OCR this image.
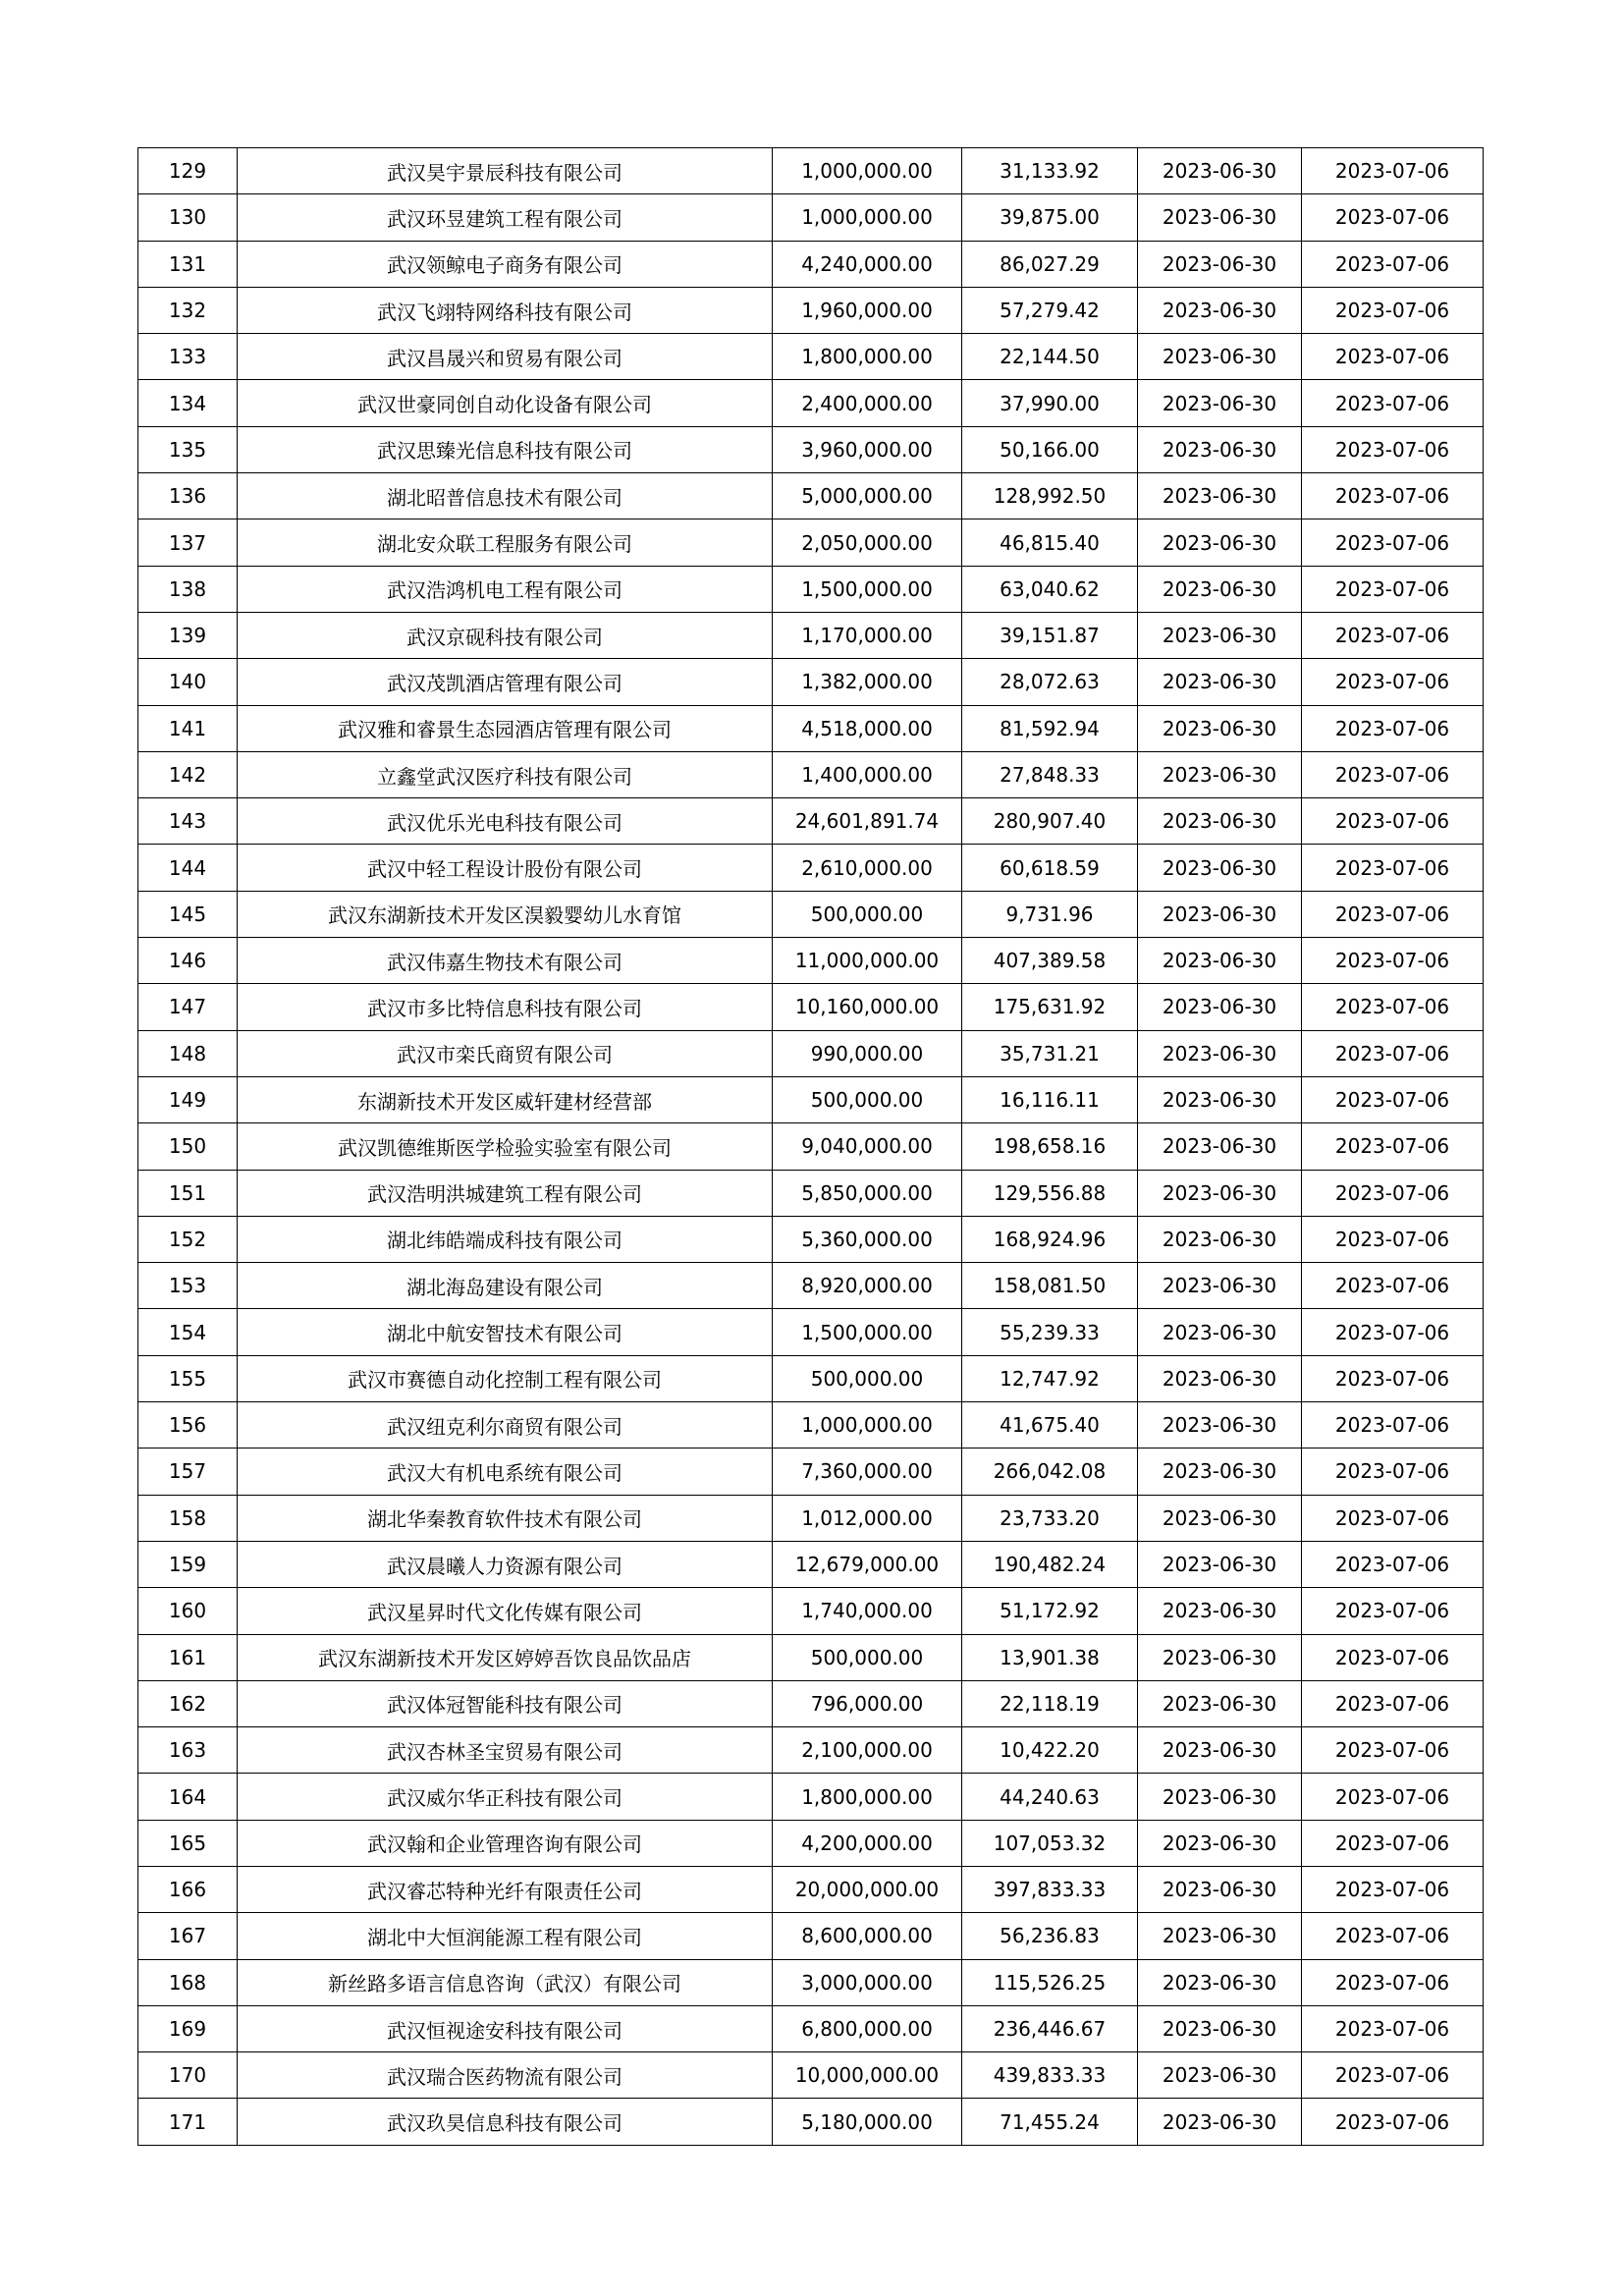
129	武汉昊宇景辰科技有限公司	1,000,000.00	31,133.92	2023-06-30	2023-07-06
130	武汉环昱建筑工程有限公司	1,000,000.00	39,875.00	2023-06-30	2023-07-06
131	武汉领鲸电子商务有限公司	4,240,000.00	86,027.29	2023-06-30	2023-07-06
132	武汉飞翊特网络科技有限公司	1,960,000.00	57,279.42	2023-06-30	2023-07-06
133	武汉昌晟兴和贸易有限公司	1,800,000.00	22,144.50	2023-06-30	2023-07-06
134	武汉世豪同创自动化设备有限公司	2,400,000.00	37,990.00	2023-06-30	2023-07-06
135	武汉思臻光信息科技有限公司	3,960,000.00	50,166.00	2023-06-30	2023-07-06
136	湖北昭普信息技术有限公司	5,000,000.00	128,992.50	2023-06-30	2023-07-06
137	湖北安众联工程服务有限公司	2,050,000.00	46,815.40	2023-06-30	2023-07-06
138	武汉浩鸿机电工程有限公司	1,500,000.00	63,040.62	2023-06-30	2023-07-06
139	武汉京砚科技有限公司	1,170,000.00	39,151.87	2023-06-30	2023-07-06
140	武汉茂凯酒店管理有限公司	1,382,000.00	28,072.63	2023-06-30	2023-07-06
141	武汉雅和睿景生态园酒店管理有限公司	4,518,000.00	81,592.94	2023-06-30	2023-07-06
142	立鑫堂武汉医疗科技有限公司	1,400,000.00	27,848.33	2023-06-30	2023-07-06
143	武汉优乐光电科技有限公司	24,601,891.74	280,907.40	2023-06-30	2023-07-06
144	武汉中轻工程设计股份有限公司	2,610,000.00	60,618.59	2023-06-30	2023-07-06
145	武汉东湖新技术开发区淏毅婴幼儿水育馆	500,000.00	9,731.96	2023-06-30	2023-07-06
146	武汉伟嘉生物技术有限公司	11,000,000.00	407,389.58	2023-06-30	2023-07-06
147	武汉市多比特信息科技有限公司	10,160,000.00	175,631.92	2023-06-30	2023-07-06
148	武汉市栾氏商贸有限公司	990,000.00	35,731.21	2023-06-30	2023-07-06
149	东湖新技术开发区威轩建材经营部	500,000.00	16,116.11	2023-06-30	2023-07-06
150	武汉凯德维斯医学检验实验室有限公司	9,040,000.00	198,658.16	2023-06-30	2023-07-06
151	武汉浩明洪城建筑工程有限公司	5,850,000.00	129,556.88	2023-06-30	2023-07-06
152	湖北纬皓端成科技有限公司	5,360,000.00	168,924.96	2023-06-30	2023-07-06
153	湖北海岛建设有限公司	8,920,000.00	158,081.50	2023-06-30	2023-07-06
154	湖北中航安智技术有限公司	1,500,000.00	55,239.33	2023-06-30	2023-07-06
155	武汉市赛德自动化控制工程有限公司	500,000.00	12,747.92	2023-06-30	2023-07-06
156	武汉纽克利尔商贸有限公司	1,000,000.00	41,675.40	2023-06-30	2023-07-06
157	武汉大有机电系统有限公司	7,360,000.00	266,042.08	2023-06-30	2023-07-06
158	湖北华秦教育软件技术有限公司	1,012,000.00	23,733.20	2023-06-30	2023-07-06
159	武汉晨曦人力资源有限公司	12,679,000.00	190,482.24	2023-06-30	2023-07-06
160	武汉星昇时代文化传媒有限公司	1,740,000.00	51,172.92	2023-06-30	2023-07-06
161	武汉东湖新技术开发区婷婷吾饮良品饮品店	500,000.00	13,901.38	2023-06-30	2023-07-06
162	武汉体冠智能科技有限公司	796,000.00	22,118.19	2023-06-30	2023-07-06
163	武汉杏林圣宝贸易有限公司	2,100,000.00	10,422.20	2023-06-30	2023-07-06
164	武汉威尔华正科技有限公司	1,800,000.00	44,240.63	2023-06-30	2023-07-06
165	武汉翰和企业管理咨询有限公司	4,200,000.00	107,053.32	2023-06-30	2023-07-06
166	武汉睿芯特种光纤有限责任公司	20,000,000.00	397,833.33	2023-06-30	2023-07-06
167	湖北中大恒润能源工程有限公司	8,600,000.00	56,236.83	2023-06-30	2023-07-06
168	新丝路多语言信息咨询（武汉）有限公司	3,000,000.00	115,526.25	2023-06-30	2023-07-06
169	武汉恒视途安科技有限公司	6,800,000.00	236,446.67	2023-06-30	2023-07-06
170	武汉瑞合医药物流有限公司	10,000,000.00	439,833.33	2023-06-30	2023-07-06
171	武汉玖昊信息科技有限公司	5,180,000.00	71,455.24	2023-06-30	2023-07-06
